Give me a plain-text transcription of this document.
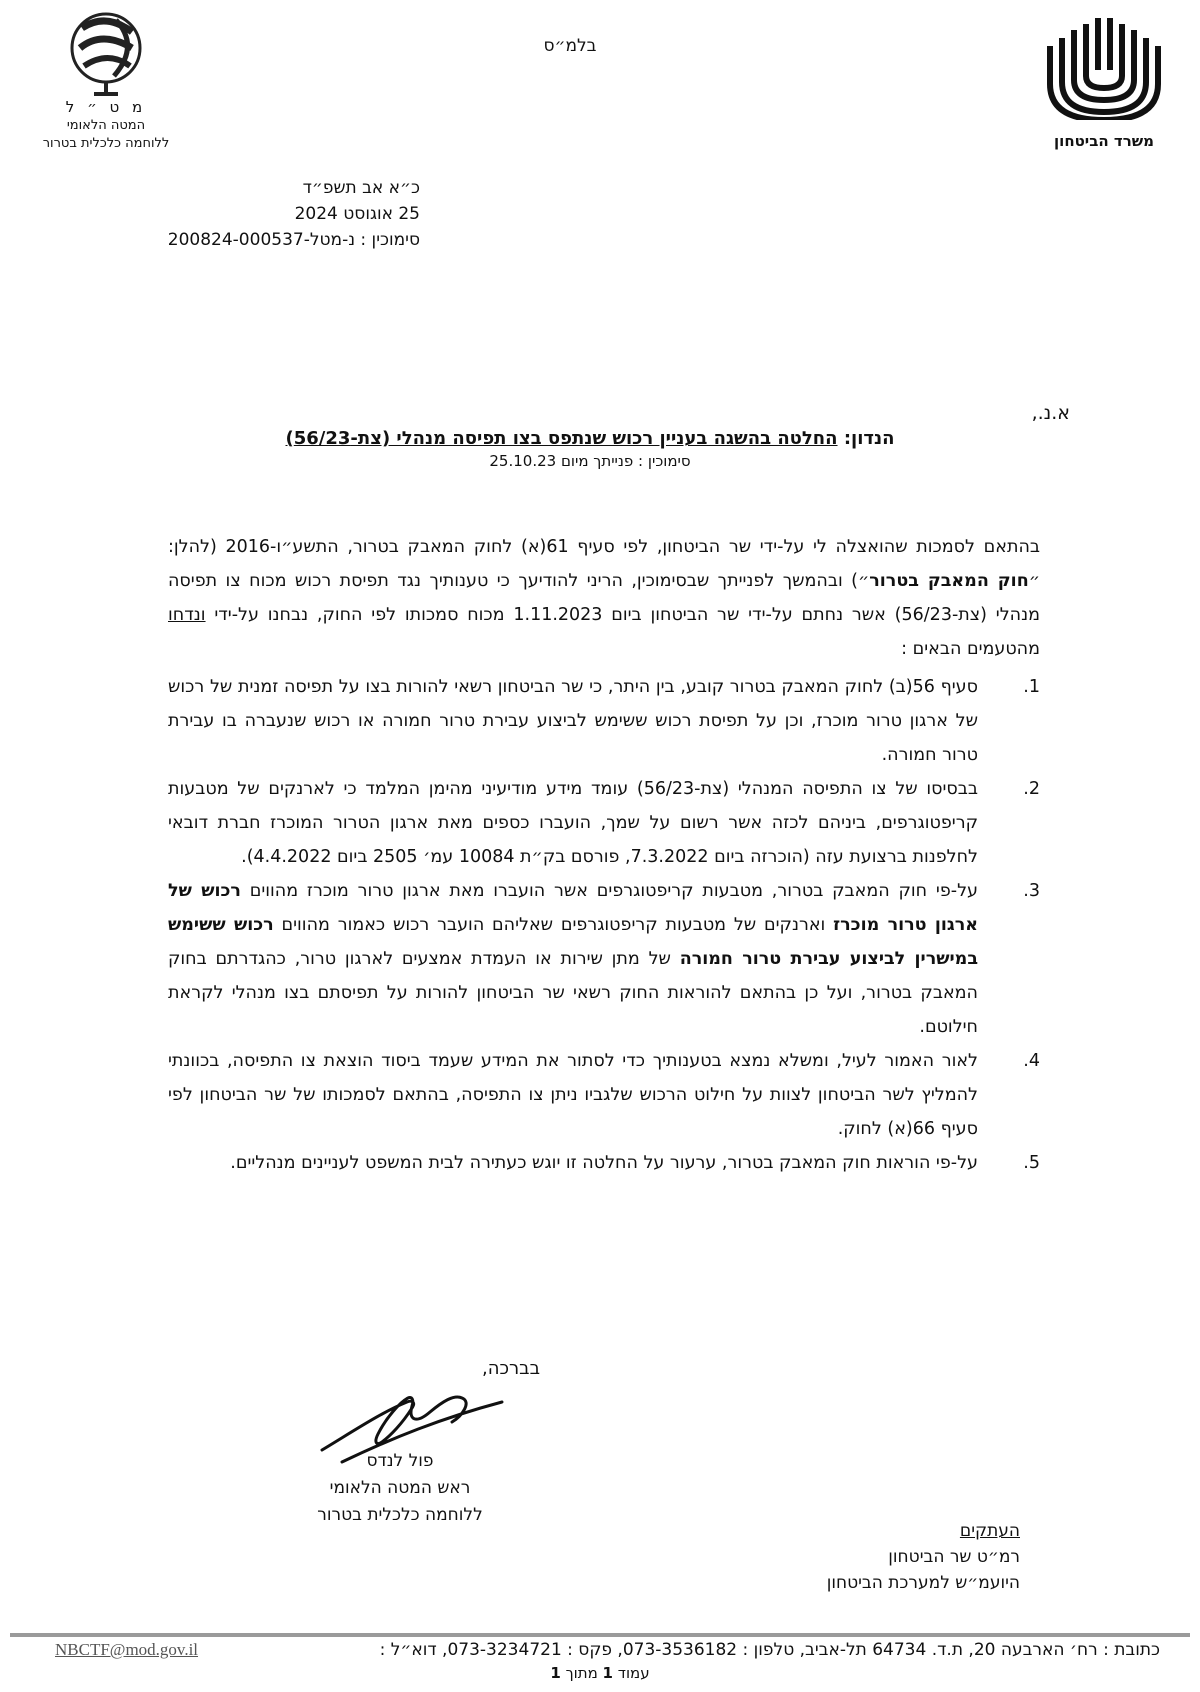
בלמ״ס
משרד הביטחון
מ ט ״ ל
המטה הלאומי
ללוחמה כלכלית בטרור
כ״א אב תשפ״ד
25 אוגוסט 2024
סימוכין : נ-מטל-200824-000537
א.נ.,
הנדון: החלטה בהשגה בעניין רכוש שנתפס בצו תפיסה מנהלי (צת-56/23)
סימוכין : פנייתך מיום 25.10.23

בהתאם לסמכות שהואצלה לי על-ידי שר הביטחון, לפי סעיף 61(א) לחוק המאבק בטרור, התשע״ו-2016 (להלן: ״חוק המאבק בטרור״) ובהמשך לפנייתך שבסימוכין, הריני להודיעך כי טענותיך נגד תפיסת רכוש מכוח צו תפיסה מנהלי (צת-56/23) אשר נחתם על-ידי שר הביטחון ביום 1.11.2023 מכוח סמכותו לפי החוק, נבחנו על-ידי ונדחו מהטעמים הבאים :

1.
סעיף 56(ב) לחוק המאבק בטרור קובע, בין היתר, כי שר הביטחון רשאי להורות בצו על תפיסה זמנית של רכוש של ארגון טרור מוכרז, וכן על תפיסת רכוש ששימש לביצוע עבירת טרור חמורה או רכוש שנעברה בו עבירת טרור חמורה.
2.
בבסיסו של צו התפיסה המנהלי (צת-56/23) עומד מידע מודיעיני מהימן המלמד כי לארנקים של מטבעות קריפטוגרפים, ביניהם לכזה אשר רשום על שמך, הועברו כספים מאת ארגון הטרור המוכרז חברת דובאי לחלפנות ברצועת עזה (הוכרזה ביום 7.3.2022, פורסם בק״ת 10084 עמ׳ 2505 ביום 4.4.2022).
3.
על-פי חוק המאבק בטרור, מטבעות קריפטוגרפים אשר הועברו מאת ארגון טרור מוכרז מהווים רכוש של ארגון טרור מוכרז וארנקים של מטבעות קריפטוגרפים שאליהם הועבר רכוש כאמור מהווים רכוש ששימש במישרין לביצוע עבירת טרור חמורה של מתן שירות או העמדת אמצעים לארגון טרור, כהגדרתם בחוק המאבק בטרור, ועל כן בהתאם להוראות החוק רשאי שר הביטחון להורות על תפיסתם בצו מנהלי לקראת חילוטם.
4.
לאור האמור לעיל, ומשלא נמצא בטענותיך כדי לסתור את המידע שעמד ביסוד הוצאת צו התפיסה, בכוונתי להמליץ לשר הביטחון לצוות על חילוט הרכוש שלגביו ניתן צו התפיסה, בהתאם לסמכותו של שר הביטחון לפי סעיף 66(א) לחוק.
5.
על-פי הוראות חוק המאבק בטרור, ערעור על החלטה זו יוגש כעתירה לבית המשפט לעניינים מנהליים.
בברכה,
פול לנדס
ראש המטה הלאומי
ללוחמה כלכלית בטרור
העתקים
רמ״ט שר הביטחון
היועמ״ש למערכת הביטחון
כתובת : רח׳ הארבעה 20, ת.ד. 64734 תל-אביב, טלפון : 073-3536182, פקס : 073-3234721, דוא״ל :
NBCTF@mod.gov.il
עמוד 1 מתוך 1
